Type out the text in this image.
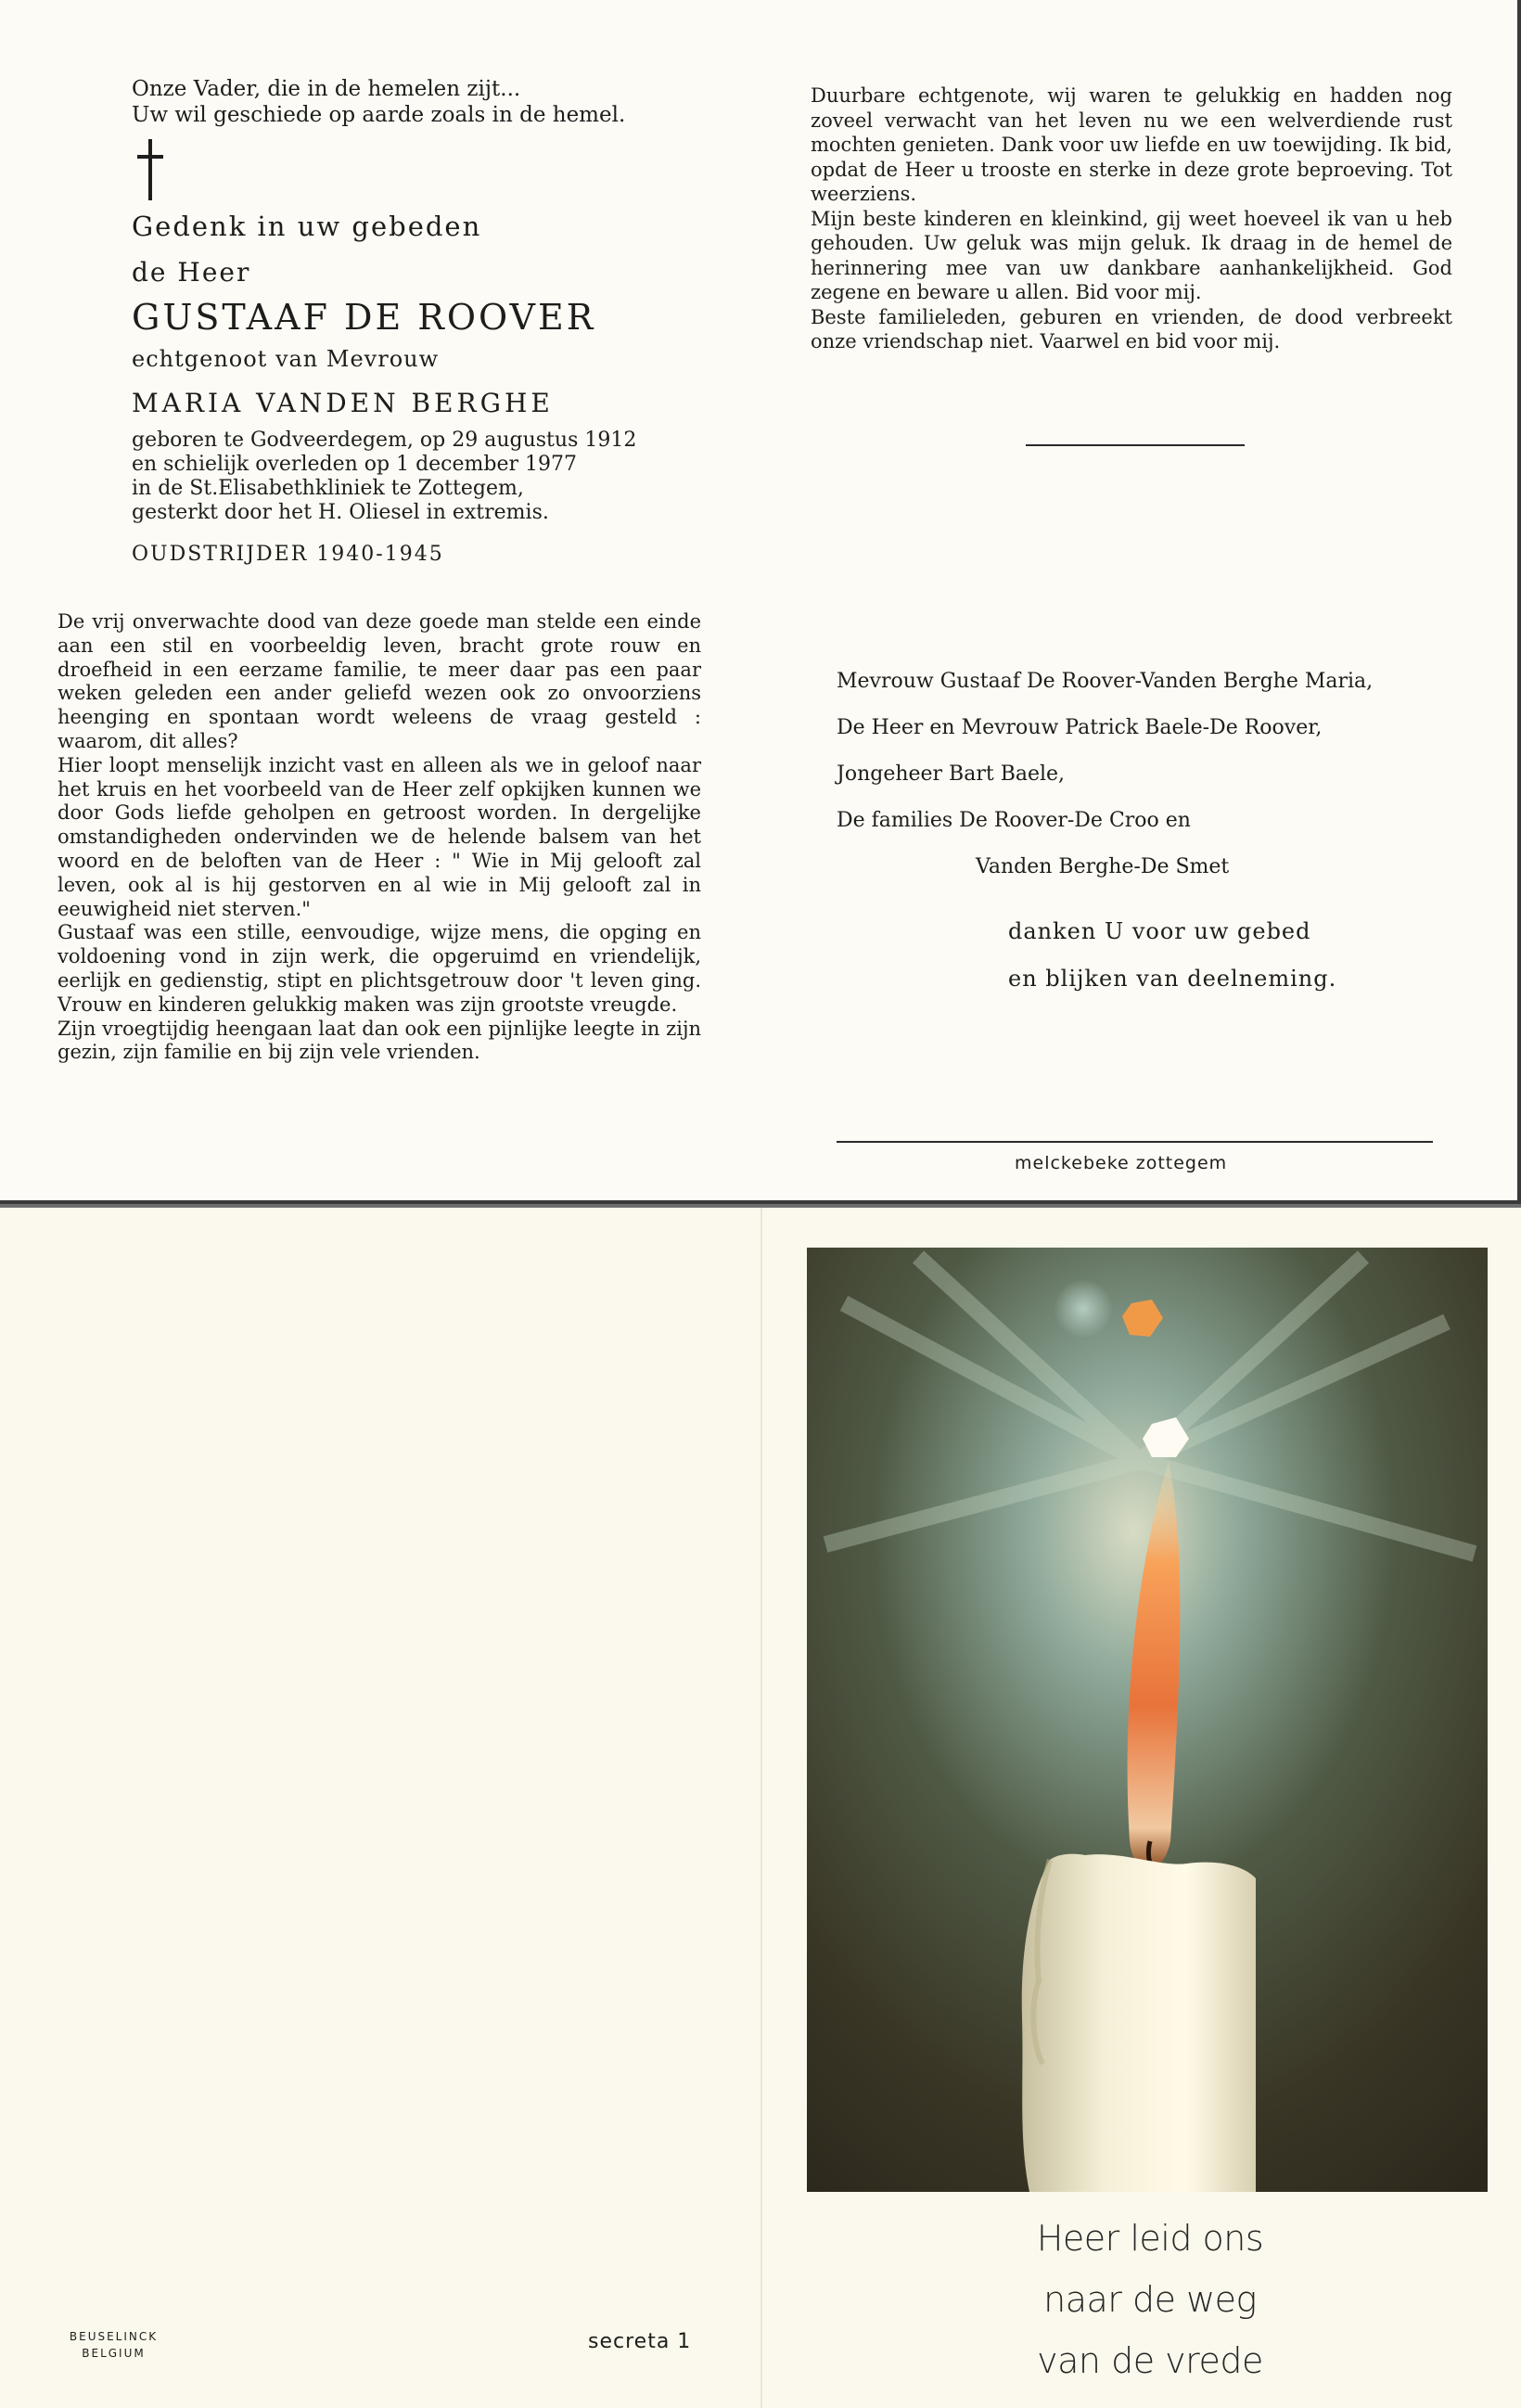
Onze Vader, die in de hemelen zijt...
Uw wil geschiede op aarde zoals in de hemel.
Gedenk in uw gebeden
de Heer
GUSTAAF DE ROOVER
echtgenoot van Mevrouw
MARIA VANDEN BERGHE
geboren te Godveerdegem, op 29 augustus 1912
en schielijk overleden op 1 december 1977
in de St.Elisabethkliniek te Zottegem,
gesterkt door het H. Oliesel in extremis.
OUDSTRIJDER 1940-1945

De vrij onverwachte dood van deze goede man stelde een einde aan een stil en voorbeeldig leven, bracht grote rouw en droefheid in een eerzame familie, te meer daar pas een paar weken geleden een ander geliefd wezen ook zo onvoorziens heenging en spontaan wordt weleens de vraag gesteld : waarom, dit alles?

Hier loopt menselijk inzicht vast en alleen als we in geloof naar het kruis en het voorbeeld van de Heer zelf opkijken kunnen we door Gods liefde geholpen en getroost worden. In dergelijke omstandigheden ondervinden we de helende balsem van het woord en de beloften van de Heer : " Wie in Mij gelooft zal leven, ook al is hij gestorven en al wie in Mij gelooft zal in eeuwigheid niet sterven."

Gustaaf was een stille, eenvoudige, wijze mens, die opging en voldoening vond in zijn werk, die opgeruimd en vriendelijk, eerlijk en gedienstig, stipt en plichtsgetrouw door 't leven ging. Vrouw en kinderen gelukkig maken was zijn grootste vreugde.

Zijn vroegtijdig heengaan laat dan ook een pijnlijke leegte in zijn gezin, zijn familie en bij zijn vele vrienden.

Duurbare echtgenote, wij waren te gelukkig en hadden nog zoveel verwacht van het leven nu we een welverdiende rust mochten genieten. Dank voor uw liefde en uw toewijding. Ik bid, opdat de Heer u trooste en sterke in deze grote beproeving. Tot weerziens.

Mijn beste kinderen en kleinkind, gij weet hoeveel ik van u heb gehouden. Uw geluk was mijn geluk. Ik draag in de hemel de herinnering mee van uw dankbare aanhankelijkheid. God zegene en beware u allen. Bid voor mij.

Beste familieleden, geburen en vrienden, de dood verbreekt onze vriendschap niet. Vaarwel en bid voor mij.

Mevrouw Gustaaf De Roover-Vanden Berghe Maria,
De Heer en Mevrouw Patrick Baele-De Roover,
Jongeheer Bart Baele,
De families De Roover-De Croo en
Vanden Berghe-De Smet
danken U voor uw gebed
en blijken van deelneming.
melckebeke zottegem
BEUSELINCK
BELGIUM	secreta 1
Heer leid ons
naar de weg
van de vrede
